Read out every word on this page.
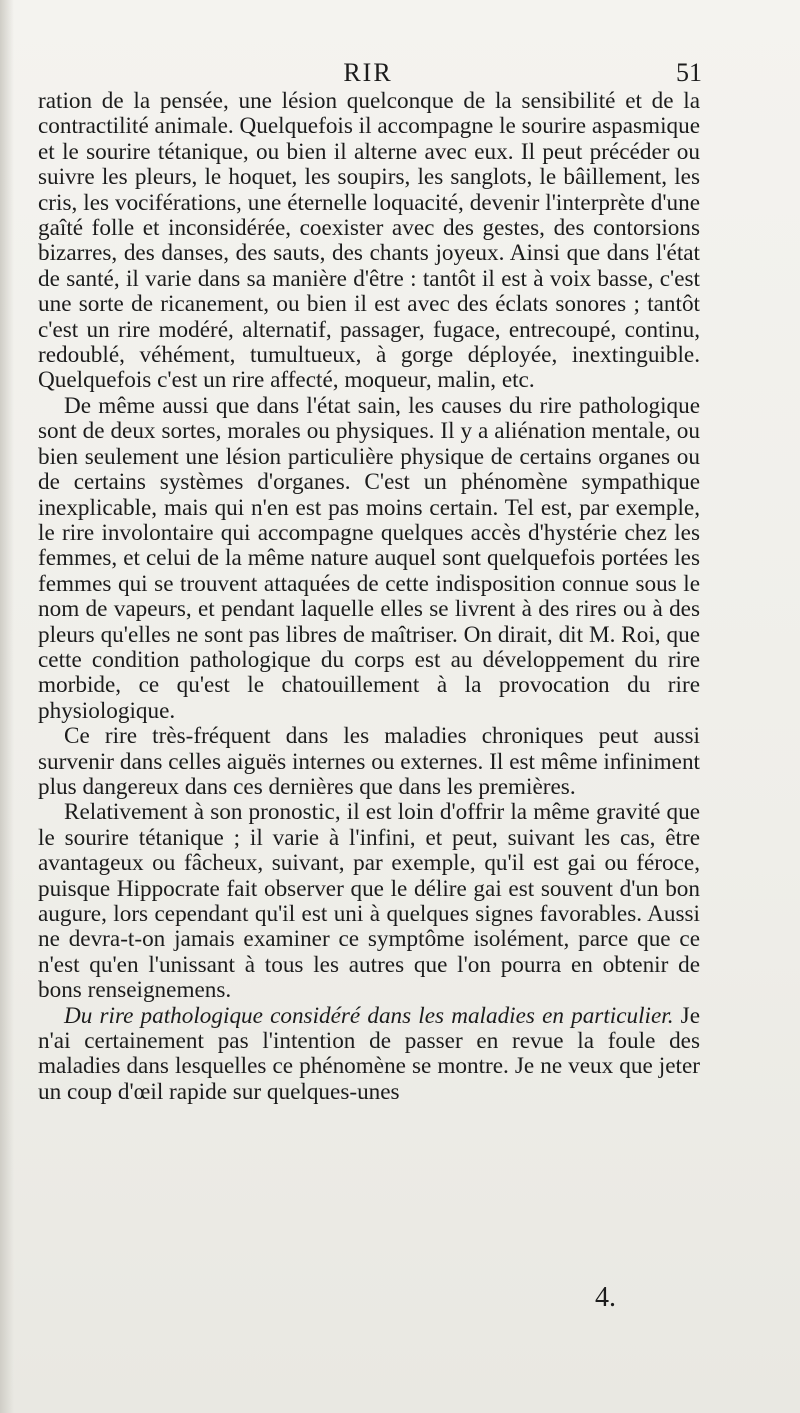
RIR	51

ration de la pensée, une lésion quelconque de la sensibilité et de la contractilité animale. Quelquefois il accompagne le sourire aspasmique et le sourire tétanique, ou bien il alterne avec eux. Il peut précéder ou suivre les pleurs, le hoquet, les soupirs, les sanglots, le bâillement, les cris, les vociférations, une éternelle loquacité, devenir l'interprète d'une gaîté folle et inconsidérée, coexister avec des gestes, des contorsions bizarres, des danses, des sauts, des chants joyeux. Ainsi que dans l'état de santé, il varie dans sa manière d'être : tantôt il est à voix basse, c'est une sorte de ricanement, ou bien il est avec des éclats sonores ; tantôt c'est un rire modéré, alternatif, passager, fugace, entrecoupé, continu, redoublé, véhément, tumultueux, à gorge déployée, inextinguible. Quelquefois c'est un rire affecté, moqueur, malin, etc.

De même aussi que dans l'état sain, les causes du rire pathologique sont de deux sortes, morales ou physiques. Il y a aliénation mentale, ou bien seulement une lésion particulière physique de certains organes ou de certains systèmes d'organes. C'est un phénomène sympathique inexplicable, mais qui n'en est pas moins certain. Tel est, par exemple, le rire involontaire qui accompagne quelques accès d'hystérie chez les femmes, et celui de la même nature auquel sont quelquefois portées les femmes qui se trouvent attaquées de cette indisposition connue sous le nom de vapeurs, et pendant laquelle elles se livrent à des rires ou à des pleurs qu'elles ne sont pas libres de maîtriser. On dirait, dit M. Roi, que cette condition pathologique du corps est au développement du rire morbide, ce qu'est le chatouillement à la provocation du rire physiologique.

Ce rire très-fréquent dans les maladies chroniques peut aussi survenir dans celles aiguës internes ou externes. Il est même infiniment plus dangereux dans ces dernières que dans les premières.

Relativement à son pronostic, il est loin d'offrir la même gravité que le sourire tétanique ; il varie à l'infini, et peut, suivant les cas, être avantageux ou fâcheux, suivant, par exemple, qu'il est gai ou féroce, puisque Hippocrate fait observer que le délire gai est souvent d'un bon augure, lors cependant qu'il est uni à quelques signes favorables. Aussi ne devra-t-on jamais examiner ce symptôme isolément, parce que ce n'est qu'en l'unissant à tous les autres que l'on pourra en obtenir de bons renseignemens.

Du rire pathologique considéré dans les maladies en particulier. Je n'ai certainement pas l'intention de passer en revue la foule des maladies dans lesquelles ce phénomène se montre. Je ne veux que jeter un coup d'œil rapide sur quelques-unes

4.
